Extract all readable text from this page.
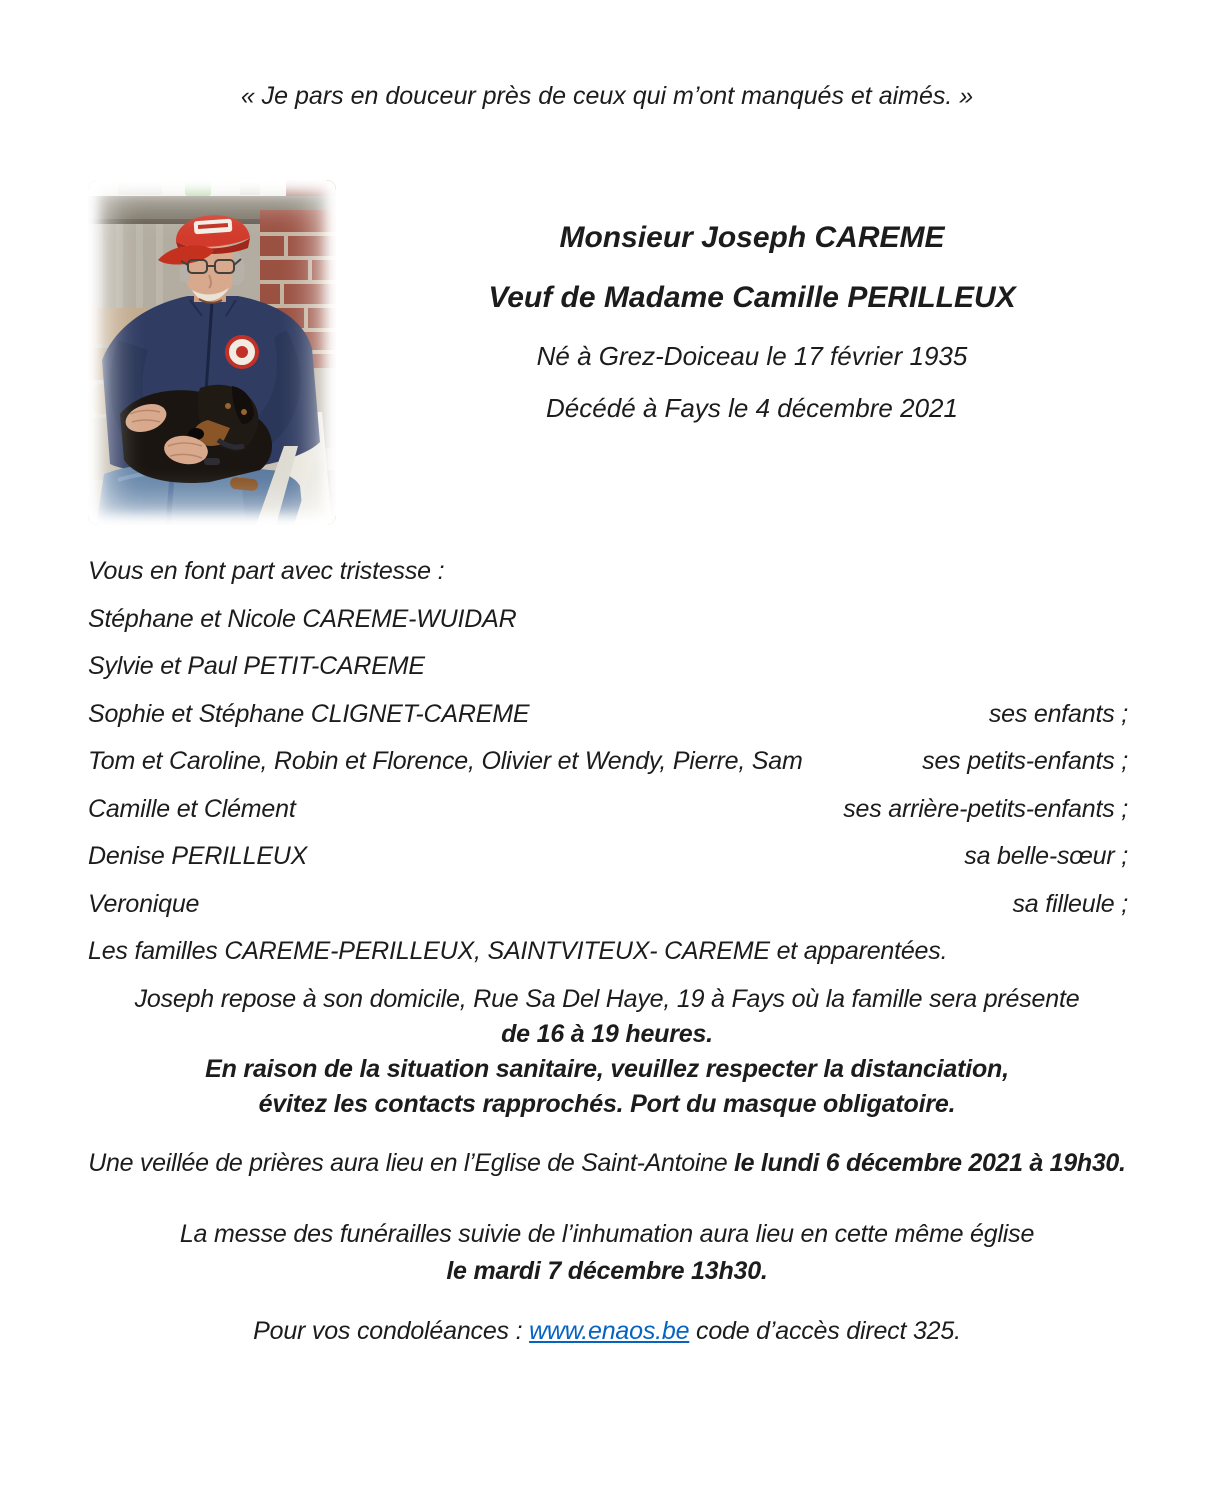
« Je pars en douceur près de ceux qui m’ont manqués et aimés. »
Monsieur Joseph CAREME
Veuf de Madame Camille PERILLEUX
Né à Grez-Doiceau le 17 février 1935
Décédé à Fays le 4 décembre 2021
Vous en font part avec tristesse :
Stéphane et Nicole CAREME-WUIDAR
Sylvie et Paul PETIT-CAREME
Sophie et Stéphane CLIGNET-CAREME	ses enfants ;
Tom et Caroline, Robin et Florence, Olivier et Wendy, Pierre, Sam	ses petits-enfants ;
Camille et Clément	ses arrière-petits-enfants ;
Denise PERILLEUX	sa belle-sœur ;
Veronique	sa filleule ;
Les familles CAREME-PERILLEUX, SAINTVITEUX- CAREME et apparentées.
Joseph repose à son domicile, Rue Sa Del Haye, 19 à Fays où la famille sera présente
de 16 à 19 heures.
En raison de la situation sanitaire, veuillez respecter la distanciation,
évitez les contacts rapprochés. Port du masque obligatoire.
Une veillée de prières aura lieu en l’Eglise de Saint-Antoine le lundi 6 décembre 2021 à 19h30.
La messe des funérailles suivie de l’inhumation aura lieu en cette même église
le mardi 7 décembre 13h30.
Pour vos condoléances : www.enaos.be code d’accès direct 325.
